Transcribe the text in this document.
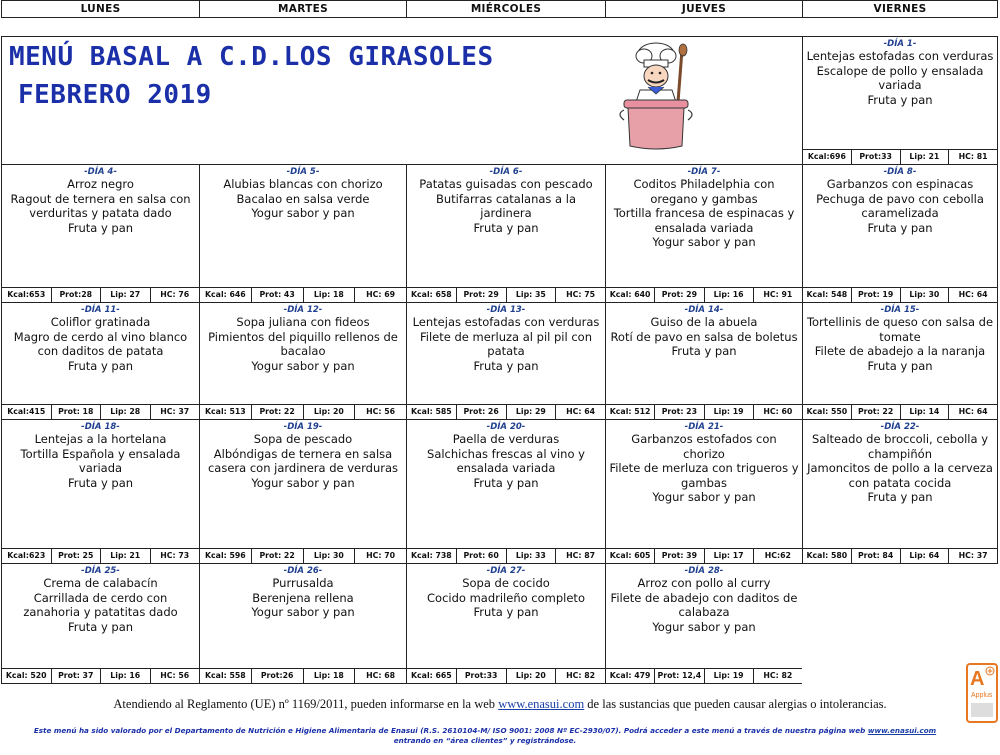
LUNES	MARTES	MIÉRCOLES	JUEVES	VIERNES
MENÚ BASAL A C.D.LOS GIRASOLES
FEBRERO 2019
-DÍA 1-
Lentejas estofadas con verduras
Escalope de pollo y ensalada variada
Fruta y pan
Kcal:696	Prot:33	Lip: 21	HC: 81
-DÍA 4-
Arroz negro
Ragout de ternera en salsa con verduritas y patata dado
Fruta y pan
Kcal:653	Prot:28	Lip: 27	HC: 76
-DÍA 5-
Alubias blancas con chorizo
Bacalao en salsa verde
Yogur sabor y pan
Kcal: 646	Prot: 43	Lip: 18	HC: 69
-DÍA 6-
Patatas guisadas con pescado
Butifarras catalanas a la jardinera
Fruta y pan
Kcal: 658	Prot: 29	Lip: 35	HC: 75
-DÍA 7-
Coditos Philadelphia con oregano y gambas
Tortilla francesa de espinacas y ensalada variada
Yogur sabor y pan
Kcal: 640	Prot: 29	Lip: 16	HC: 91
-DÍA 8-
Garbanzos con espinacas
Pechuga de pavo con cebolla caramelizada
Fruta y pan
Kcal: 548	Prot: 19	Lip: 30	HC: 64
-DÍA 11-
Coliflor gratinada
Magro de cerdo al vino blanco con daditos de patata
Fruta y pan
Kcal:415	Prot: 18	Lip: 28	HC: 37
-DÍA 12-
Sopa juliana con fideos
Pimientos del piquillo rellenos de bacalao
Yogur sabor y pan
Kcal: 513	Prot: 22	Lip: 20	HC: 56
-DÍA 13-
Lentejas estofadas con verduras
Filete de merluza al pil pil con patata
Fruta y pan
Kcal: 585	Prot: 26	Lip: 29	HC: 64
-DÍA 14-
Guiso de la abuela
Rotí de pavo en salsa de boletus
Fruta y pan
Kcal: 512	Prot: 23	Lip: 19	HC: 60
-DÍA 15-
Tortellinis de queso con salsa de tomate
Filete de abadejo a la naranja
Fruta y pan
Kcal: 550	Prot: 22	Lip: 14	HC: 64
-DÍA 18-
Lentejas a la hortelana
Tortilla Española y ensalada variada
Fruta y pan
Kcal:623	Prot: 25	Lip: 21	HC: 73
-DÍA 19-
Sopa de pescado
Albóndigas de ternera en salsa casera con jardinera de verduras
Yogur sabor y pan
Kcal: 596	Prot: 22	Lip: 30	HC: 70
-DÍA 20-
Paella de verduras
Salchichas frescas al vino y ensalada variada
Fruta y pan
Kcal: 738	Prot: 60	Lip: 33	HC: 87
-DÍA 21-
Garbanzos estofados con chorizo
Filete de merluza con trigueros y gambas
Yogur sabor y pan
Kcal: 605	Prot: 39	Lip: 17	HC:62
-DÍA 22-
Salteado de broccoli, cebolla y champiñón
Jamoncitos de pollo a la cerveza con patata cocida
Fruta y pan
Kcal: 580	Prot: 84	Lip: 64	HC: 37
-DÍA 25-
Crema de calabacín
Carrillada de cerdo con zanahoria y patatitas dado
Fruta y pan
Kcal: 520	Prot: 37	Lip: 16	HC: 56
-DÍA 26-
Purrusalda
Berenjena rellena
Yogur sabor y pan
Kcal: 558	Prot:26	Lip: 18	HC: 68
-DÍA 27-
Sopa de cocido
Cocido madrileño completo
Fruta y pan
Kcal: 665	Prot:33	Lip: 20	HC: 82
-DÍA 28-
Arroz con pollo al curry
Filete de abadejo con daditos de calabaza
Yogur sabor y pan
Kcal: 479 Prot: 12,4	Lip: 19	HC: 82
Atendiendo al Reglamento (UE) nº 1169/2011, pueden informarse en la web www.enasui.com de las sustancias que pueden causar alergias o intolerancias.
Este menú ha sido valorado por el Departamento de Nutrición e Higiene Alimentaria de Enasui (R.S. 2610104-M/ ISO 9001: 2008 Nº EC-2930/07). Podrá acceder a este menú a través de nuestra página web www.enasui.com entrando en “área clientes” y registrándose.
A
Applus
